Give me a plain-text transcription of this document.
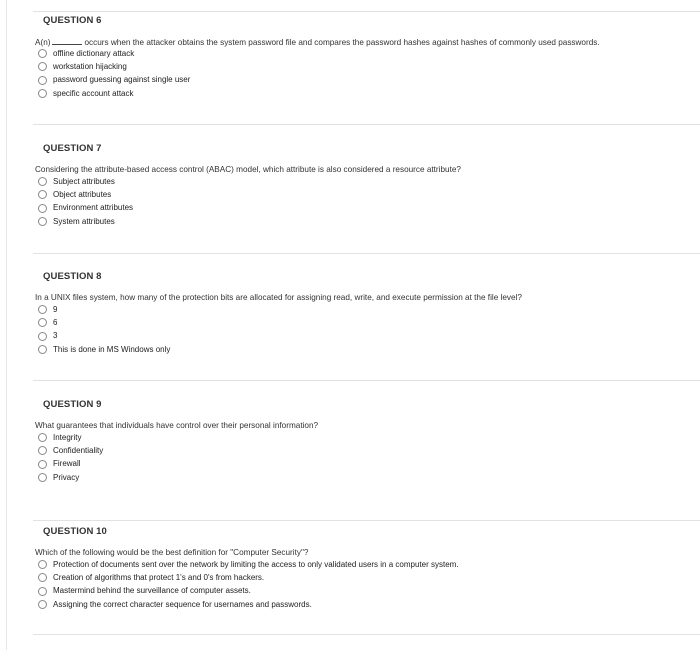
QUESTION 6
A(n)	occurs when the attacker obtains the system password file and compares the password hashes against hashes of commonly used passwords.
offline dictionary attack
workstation hijacking
password guessing against single user
specific account attack
QUESTION 7
Considering the attribute-based access control (ABAC) model, which attribute is also considered a resource attribute?
Subject attributes
Object attributes
Environment attributes
System attributes
QUESTION 8
In a UNIX files system, how many of the protection bits are allocated for assigning read, write, and execute permission at the file level?
9
6
3
This is done in MS Windows only
QUESTION 9
What guarantees that individuals have control over their personal information?
Integrity
Confidentiality
Firewall
Privacy
QUESTION 10
Which of the following would be the best definition for "Computer Security"?
Protection of documents sent over the network by limiting the access to only validated users in a computer system.
Creation of algorithms that protect 1's and 0's from hackers.
Mastermind behind the surveillance of computer assets.
Assigning the correct character sequence for usernames and passwords.
